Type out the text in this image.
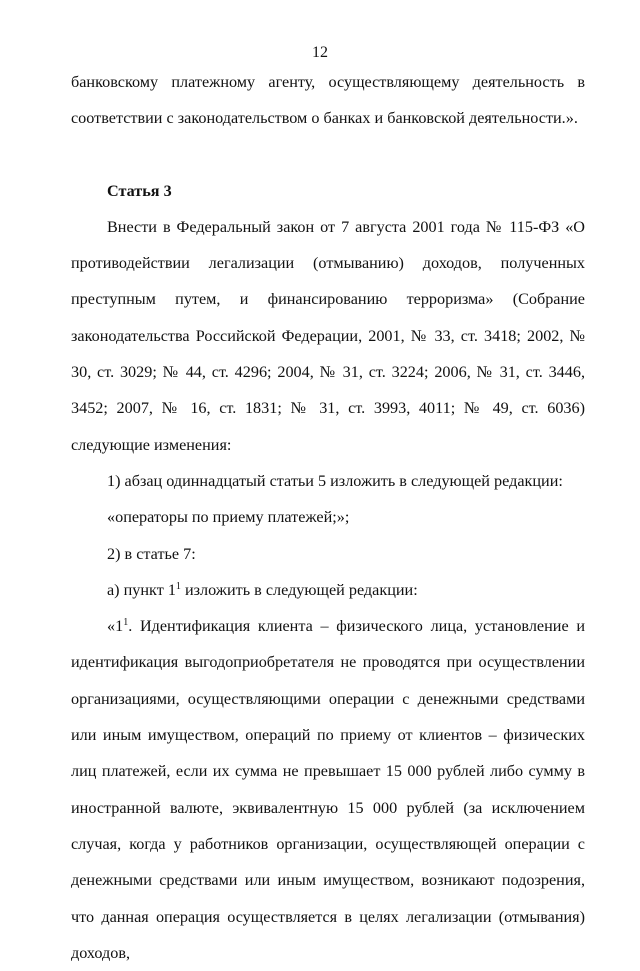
12

банковскому платежному агенту, осуществляющему деятельность в соответствии с законодательством о банках и банковской деятельности.».

Статья 3

Внести в Федеральный закон от 7 августа 2001 года № 115-ФЗ «О противодействии легализации (отмыванию) доходов, полученных преступным путем, и финансированию терроризма» (Собрание законодательства Российской Федерации, 2001, № 33, ст. 3418; 2002, № 30, ст. 3029; № 44, ст. 4296; 2004, № 31, ст. 3224; 2006, № 31, ст. 3446, 3452; 2007, № 16, ст. 1831; № 31, ст. 3993, 4011; № 49, ст. 6036) следующие изменения:

1) абзац одиннадцатый статьи 5 изложить в следующей редакции:

«операторы по приему платежей;»;

2) в статье 7:

а) пункт $1^1$ изложить в следующей редакции:

«$1^1$. Идентификация клиента – физического лица, установление и идентификация выгодоприобретателя не проводятся при осуществлении организациями, осуществляющими операции с денежными средствами или иным имуществом, операций по приему от клиентов – физических лиц платежей, если их сумма не превышает 15 000 рублей либо сумму в иностранной валюте, эквивалентную 15 000 рублей (за исключением случая, когда у работников организации, осуществляющей операции с денежными средствами или иным имуществом, возникают подозрения, что данная операция осуществляется в целях легализации (отмывания) доходов,
